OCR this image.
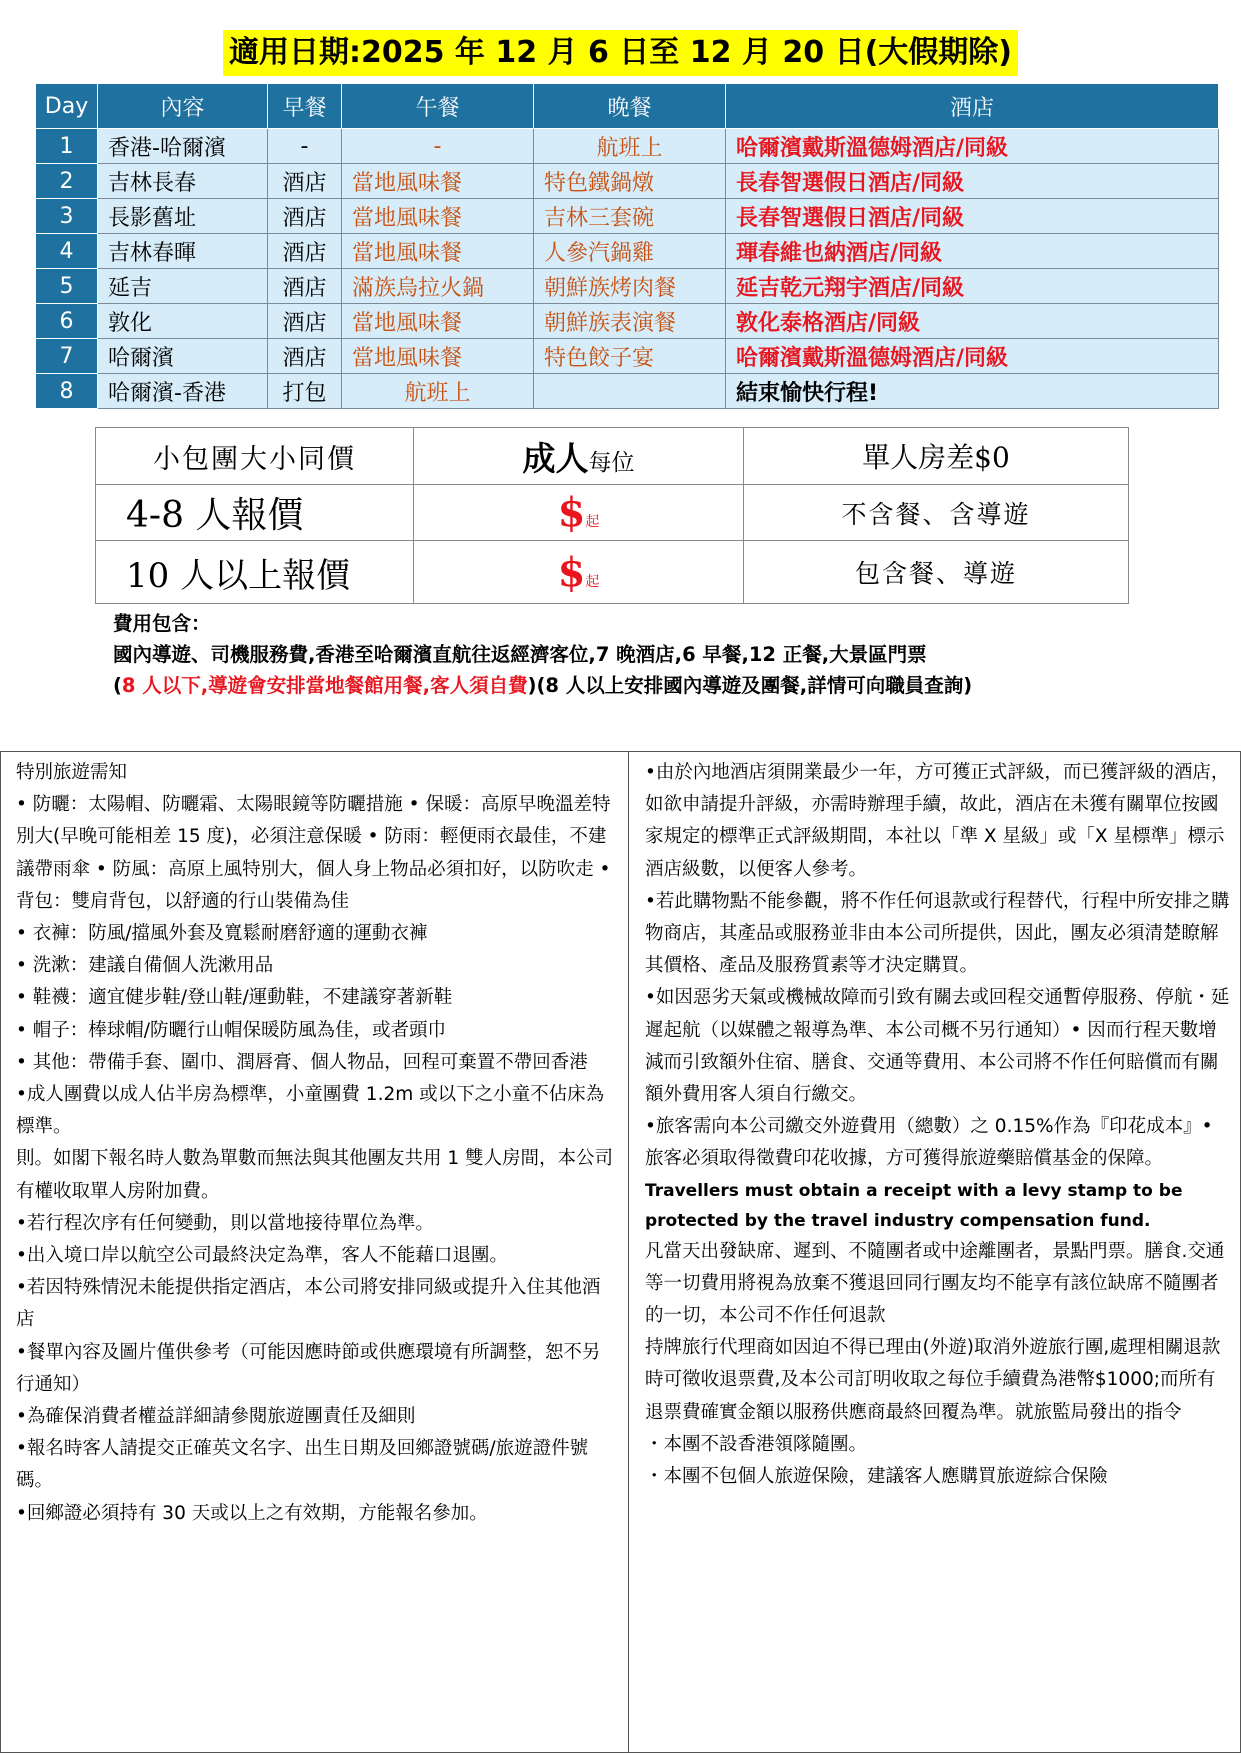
適用日期:2025 年 12 月 6 日至 12 月 20 日(大假期除)
Day	內容	早餐	午餐	晚餐	酒店
1	香港-哈爾濱	-	-	航班上	哈爾濱戴斯溫德姆酒店/同級
2	吉林長春	酒店	當地風味餐	特色鐵鍋燉	長春智選假日酒店/同級
3	長影舊址	酒店	當地風味餐	吉林三套碗	長春智選假日酒店/同級
4	吉林春暉	酒店	當地風味餐	人參汽鍋雞	琿春維也納酒店/同級
5	延吉	酒店	滿族烏拉火鍋	朝鮮族烤肉餐	延吉乾元翔宇酒店/同級
6	敦化	酒店	當地風味餐	朝鮮族表演餐	敦化泰格酒店/同級
7	哈爾濱	酒店	當地風味餐	特色餃子宴	哈爾濱戴斯溫德姆酒店/同級
8	哈爾濱-香港	打包	航班上		結束愉快行程!
小包團大小同價	成人每位	單人房差$0
4-8 人報價	$起	不含餐、含導遊
10 人以上報價	$起	包含餐、導遊
費用包含：
國內導遊、司機服務費,香港至哈爾濱直航往返經濟客位,7 晚酒店,6 早餐,12 正餐,大景區門票
(8 人以下,導遊會安排當地餐館用餐,客人須自費)(8 人以上安排國內導遊及團餐,詳情可向職員查詢)

特別旅遊需知

• 防曬：太陽帽、防曬霜、太陽眼鏡等防曬措施 • 保暖：高原早晚溫差特別大(早晚可能相差 15 度)，必須注意保暖 • 防雨：輕便雨衣最佳，不建議帶雨傘 • 防風：高原上風特別大，個人身上物品必須扣好，以防吹走 • 背包：雙肩背包，以舒適的行山裝備為佳

• 衣褲：防風/擋風外套及寬鬆耐磨舒適的運動衣褲

• 洗漱：建議自備個人洗漱用品

• 鞋襪：適宜健步鞋/登山鞋/運動鞋，不建議穿著新鞋

• 帽子：棒球帽/防曬行山帽保暖防風為佳，或者頭巾

• 其他：帶備手套、圍巾、潤唇膏、個人物品，回程可棄置不帶回香港

•成人團費以成人佔半房為標準，小童團費 1.2m 或以下之小童不佔床為標準。

則。如閣下報名時人數為單數而無法與其他團友共用 1 雙人房間，本公司有權收取單人房附加費。

•若行程次序有任何變動，則以當地接待單位為準。

•出入境口岸以航空公司最終決定為準，客人不能藉口退團。

•若因特殊情況未能提供指定酒店，本公司將安排同級或提升入住其他酒店

•餐單內容及圖片僅供參考（可能因應時節或供應環境有所調整，恕不另行通知）

•為確保消費者權益詳細請參閱旅遊團責任及細則

•報名時客人請提交正確英文名字、出生日期及回鄉證號碼/旅遊證件號碼。

•回鄉證必須持有 30 天或以上之有效期，方能報名參加。

•由於內地酒店須開業最少一年，方可獲正式評級，而已獲評級的酒店，如欲申請提升評級，亦需時辦理手續，故此，酒店在未獲有關單位按國家規定的標準正式評級期間，本社以「準 X 星級」或「X 星標準」標示酒店級數，以便客人參考。

•若此購物點不能參觀，將不作任何退款或行程替代，行程中所安排之購物商店，其產品或服務並非由本公司所提供，因此，團友必須清楚瞭解其價格、產品及服務質素等才決定購買。

•如因惡劣天氣或機械故障而引致有關去或回程交通暫停服務、停航・延遲起航（以媒體之報導為準、本公司概不另行通知）• 因而行程天數增減而引致額外住宿、膳食、交通等費用、本公司將不作任何賠償而有關額外費用客人須自行繳交。

•旅客需向本公司繳交外遊費用（總數）之 0.15%作為『印花成本』•旅客必須取得徵費印花收據，方可獲得旅遊藥賠償基金的保障。

Travellers must obtain a receipt with a levy stamp to be protected by the travel industry compensation fund.

凡當天出發缺席、遲到、不隨團者或中途離團者，景點門票。膳食.交通等一切費用將視為放棄不獲退回同行團友均不能享有該位缺席不隨團者的一切，本公司不作任何退款

持牌旅行代理商如因迫不得已理由(外遊)取消外遊旅行團,處理相關退款時可徵收退票費,及本公司訂明收取之每位手續費為港幣$1000;而所有退票費確實金額以服務供應商最終回覆為準。就旅監局發出的指令

・本團不設香港領隊隨團。

・本團不包個人旅遊保險，建議客人應購買旅遊綜合保險
